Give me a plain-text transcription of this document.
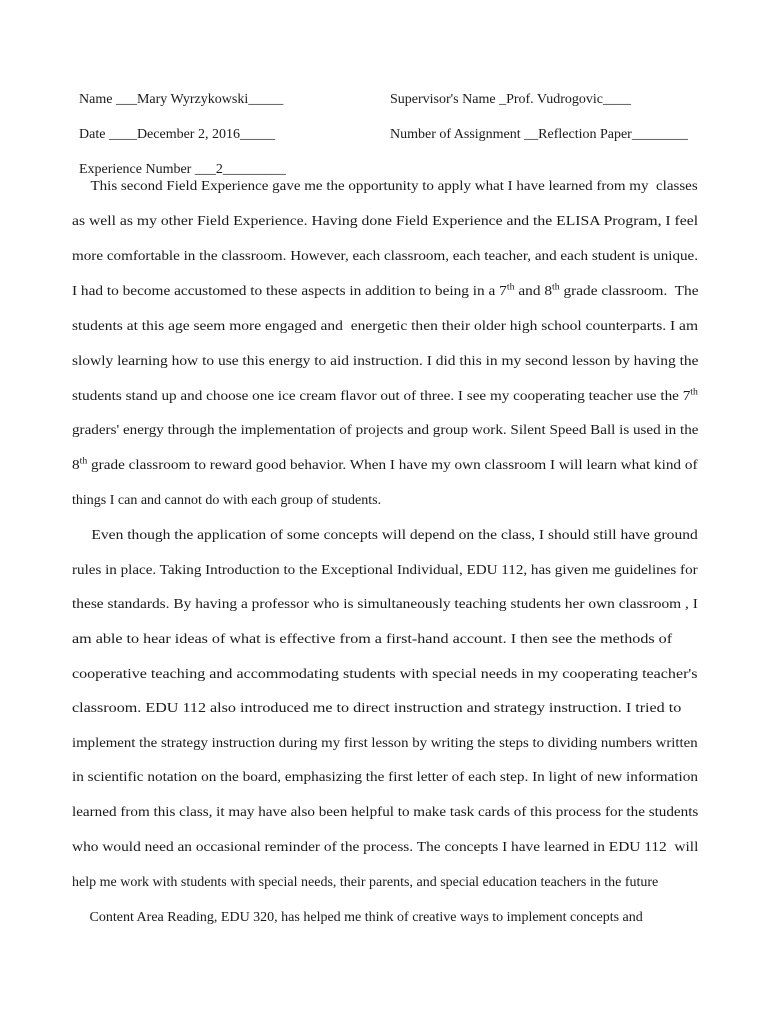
Name ___Mary Wyrzykowski_____	Supervisor's Name _Prof. Vudrogovic____

Date ____December 2, 2016_____	Number of Assignment __Reflection Paper________

Experience Number ___2_________

This second Field Experience gave me the opportunity to apply what I have learned from my  classes
as well as my other Field Experience. Having done Field Experience and the ELISA Program, I feel
more comfortable in the classroom. However, each classroom, each teacher, and each student is unique.
I had to become accustomed to these aspects in addition to being in a 7th and 8th grade classroom.  The
students at this age seem more engaged and  energetic then their older high school counterparts. I am
slowly learning how to use this energy to aid instruction. I did this in my second lesson by having the
students stand up and choose one ice cream flavor out of three. I see my cooperating teacher use the 7th
graders' energy through the implementation of projects and group work. Silent Speed Ball is used in the
8th grade classroom to reward good behavior. When I have my own classroom I will learn what kind of
things I can and cannot do with each group of students.
Even though the application of some concepts will depend on the class, I should still have ground
rules in place. Taking Introduction to the Exceptional Individual, EDU 112, has given me guidelines for
these standards. By having a professor who is simultaneously teaching students her own classroom , I
am able to hear ideas of what is effective from a first-hand account. I then see the methods of
cooperative teaching and accommodating students with special needs in my cooperating teacher's
classroom. EDU 112 also introduced me to direct instruction and strategy instruction. I tried to
implement the strategy instruction during my first lesson by writing the steps to dividing numbers written
in scientific notation on the board, emphasizing the first letter of each step. In light of new information
learned from this class, it may have also been helpful to make task cards of this process for the students
who would need an occasional reminder of the process. The concepts I have learned in EDU 112  will
help me work with students with special needs, their parents, and special education teachers in the future
Content Area Reading, EDU 320, has helped me think of creative ways to implement concepts and
